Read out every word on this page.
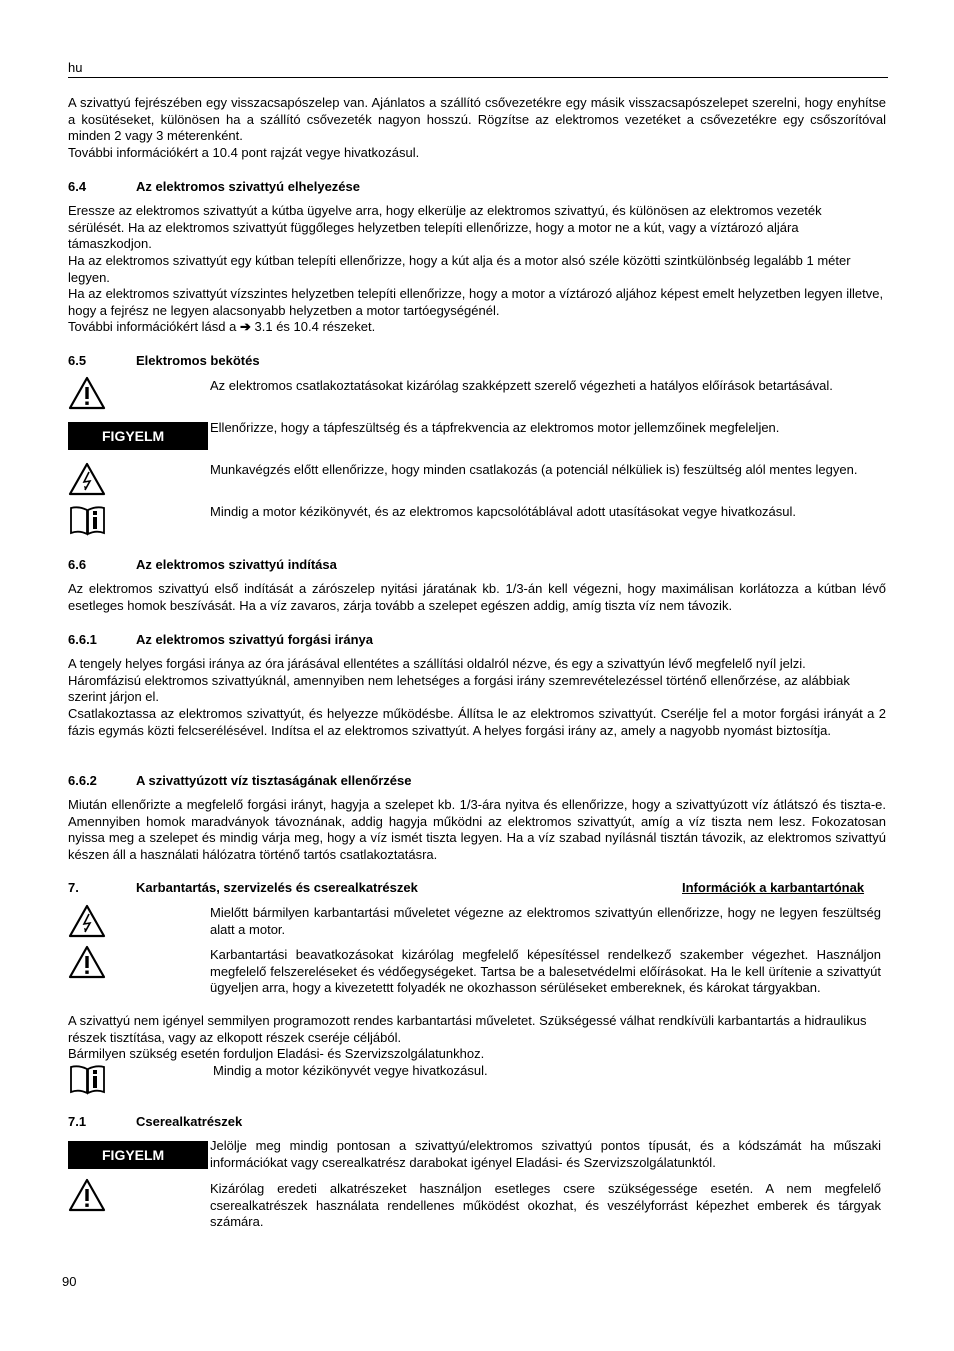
hu
A szivattyú fejrészében egy visszacsapószelep van. Ajánlatos a szállító csővezetékre egy másik visszacsapószelepet szerelni, hogy enyhítse a kosütéseket, különösen ha a szállító csővezeték nagyon hosszú. Rögzítse az elektromos vezetéket a csővezetékre egy csőszorítóval minden 2 vagy 3 méterenként.
További információkért a 10.4 pont rajzát vegye hivatkozásul.
6.4	Az elektromos szivattyú elhelyezése
Eressze az elektromos szivattyút a kútba ügyelve arra, hogy elkerülje az elektromos szivattyú, és különösen az elektromos vezeték sérülését. Ha az elektromos szivattyút függőleges helyzetben telepíti ellenőrizze, hogy a motor ne a kút, vagy a víztározó aljára támaszkodjon.
Ha az elektromos szivattyút egy kútban telepíti ellenőrizze, hogy a kút alja és a motor alsó széle közötti szintkülönbség legalább 1 méter legyen.
Ha az elektromos szivattyút vízszintes helyzetben telepíti ellenőrizze, hogy a motor a víztározó aljához képest emelt helyzetben legyen illetve, hogy a fejrész ne legyen alacsonyabb helyzetben a motor tartóegységénél.
További információkért lásd a ➔ 3.1 és 10.4 részeket.
6.5	Elektromos bekötés
Az elektromos csatlakoztatásokat kizárólag szakképzett szerelő végezheti a hatályos előírások betartásával.
FIGYELM
Ellenőrizze, hogy a tápfeszültség és a tápfrekvencia az elektromos motor jellemzőinek megfeleljen.
Munkavégzés előtt ellenőrizze, hogy minden csatlakozás (a potenciál nélküliek is) feszültség alól mentes legyen.
Mindig a motor kézikönyvét, és az elektromos kapcsolótáblával adott utasításokat vegye hivatkozásul.
6.6	Az elektromos szivattyú indítása
Az elektromos szivattyú első indítását a zárószelep nyitási járatának kb. 1/3-án kell végezni, hogy maximálisan korlátozza a kútban lévő esetleges homok beszívását. Ha a víz zavaros, zárja tovább a szelepet egészen addig, amíg tiszta víz nem távozik.
6.6.1	Az elektromos szivattyú forgási iránya
A tengely helyes forgási iránya az óra járásával ellentétes a szállítási oldalról nézve, és egy a szivattyún lévő megfelelő nyíl jelzi. Háromfázisú elektromos szivattyúknál, amennyiben nem lehetséges a forgási irány szemrevételezéssel történő ellenőrzése, az alábbiak szerint járjon el.
Csatlakoztassa az elektromos szivattyút, és helyezze működésbe. Állítsa le az elektromos szivattyút. Cserélje fel a motor forgási irányát a 2 fázis egymás közti felcserélésével. Indítsa el az elektromos szivattyút. A helyes forgási irány az, amely a nagyobb nyomást biztosítja.
6.6.2	A szivattyúzott víz tisztaságának ellenőrzése
Miután ellenőrizte a megfelelő forgási irányt, hagyja a szelepet kb. 1/3-ára nyitva és ellenőrizze, hogy a szivattyúzott víz átlátszó és tiszta-e. Amennyiben homok maradványok távoznának, addig hagyja működni az elektromos szivattyút, amíg a víz tiszta nem lesz. Fokozatosan nyissa meg a szelepet és mindig várja meg, hogy a víz ismét tiszta legyen. Ha a víz szabad nyílásnál tisztán távozik, az elektromos szivattyú készen áll a használati hálózatra történő tartós csatlakoztatásra.
7.	Karbantartás, szervizelés és cserealkatrészek	Információk a karbantartónak
Mielőtt bármilyen karbantartási műveletet végezne az elektromos szivattyún ellenőrizze, hogy ne legyen feszültség alatt a motor.
Karbantartási beavatkozásokat kizárólag megfelelő képesítéssel rendelkező szakember végezhet. Használjon megfelelő felszereléseket és védőegységeket. Tartsa be a balesetvédelmi előírásokat. Ha le kell ürítenie a szivattyút ügyeljen arra, hogy a kivezetettt folyadék ne okozhasson sérüléseket embereknek, és károkat tárgyakban.
A szivattyú nem igényel semmilyen programozott rendes karbantartási műveletet. Szükségessé válhat rendkívüli karbantartás a hidraulikus részek tisztítása, vagy az elkopott részek cseréje céljából.
Bármilyen szükség esetén forduljon Eladási- és Szervizszolgálatunkhoz.
Mindig a motor kézikönyvét vegye hivatkozásul.
7.1	Cserealkatrészek
FIGYELM
Jelölje meg mindig pontosan a szivattyú/elektromos szivattyú pontos típusát, és a kódszámát ha műszaki információkat vagy cserealkatrész darabokat igényel Eladási- és Szervizszolgálatunktól.
Kizárólag eredeti alkatrészeket használjon esetleges csere szükségessége esetén. A nem megfelelő cserealkatrészek használata rendellenes működést okozhat, és veszélyforrást képezhet emberek és tárgyak számára.
90
